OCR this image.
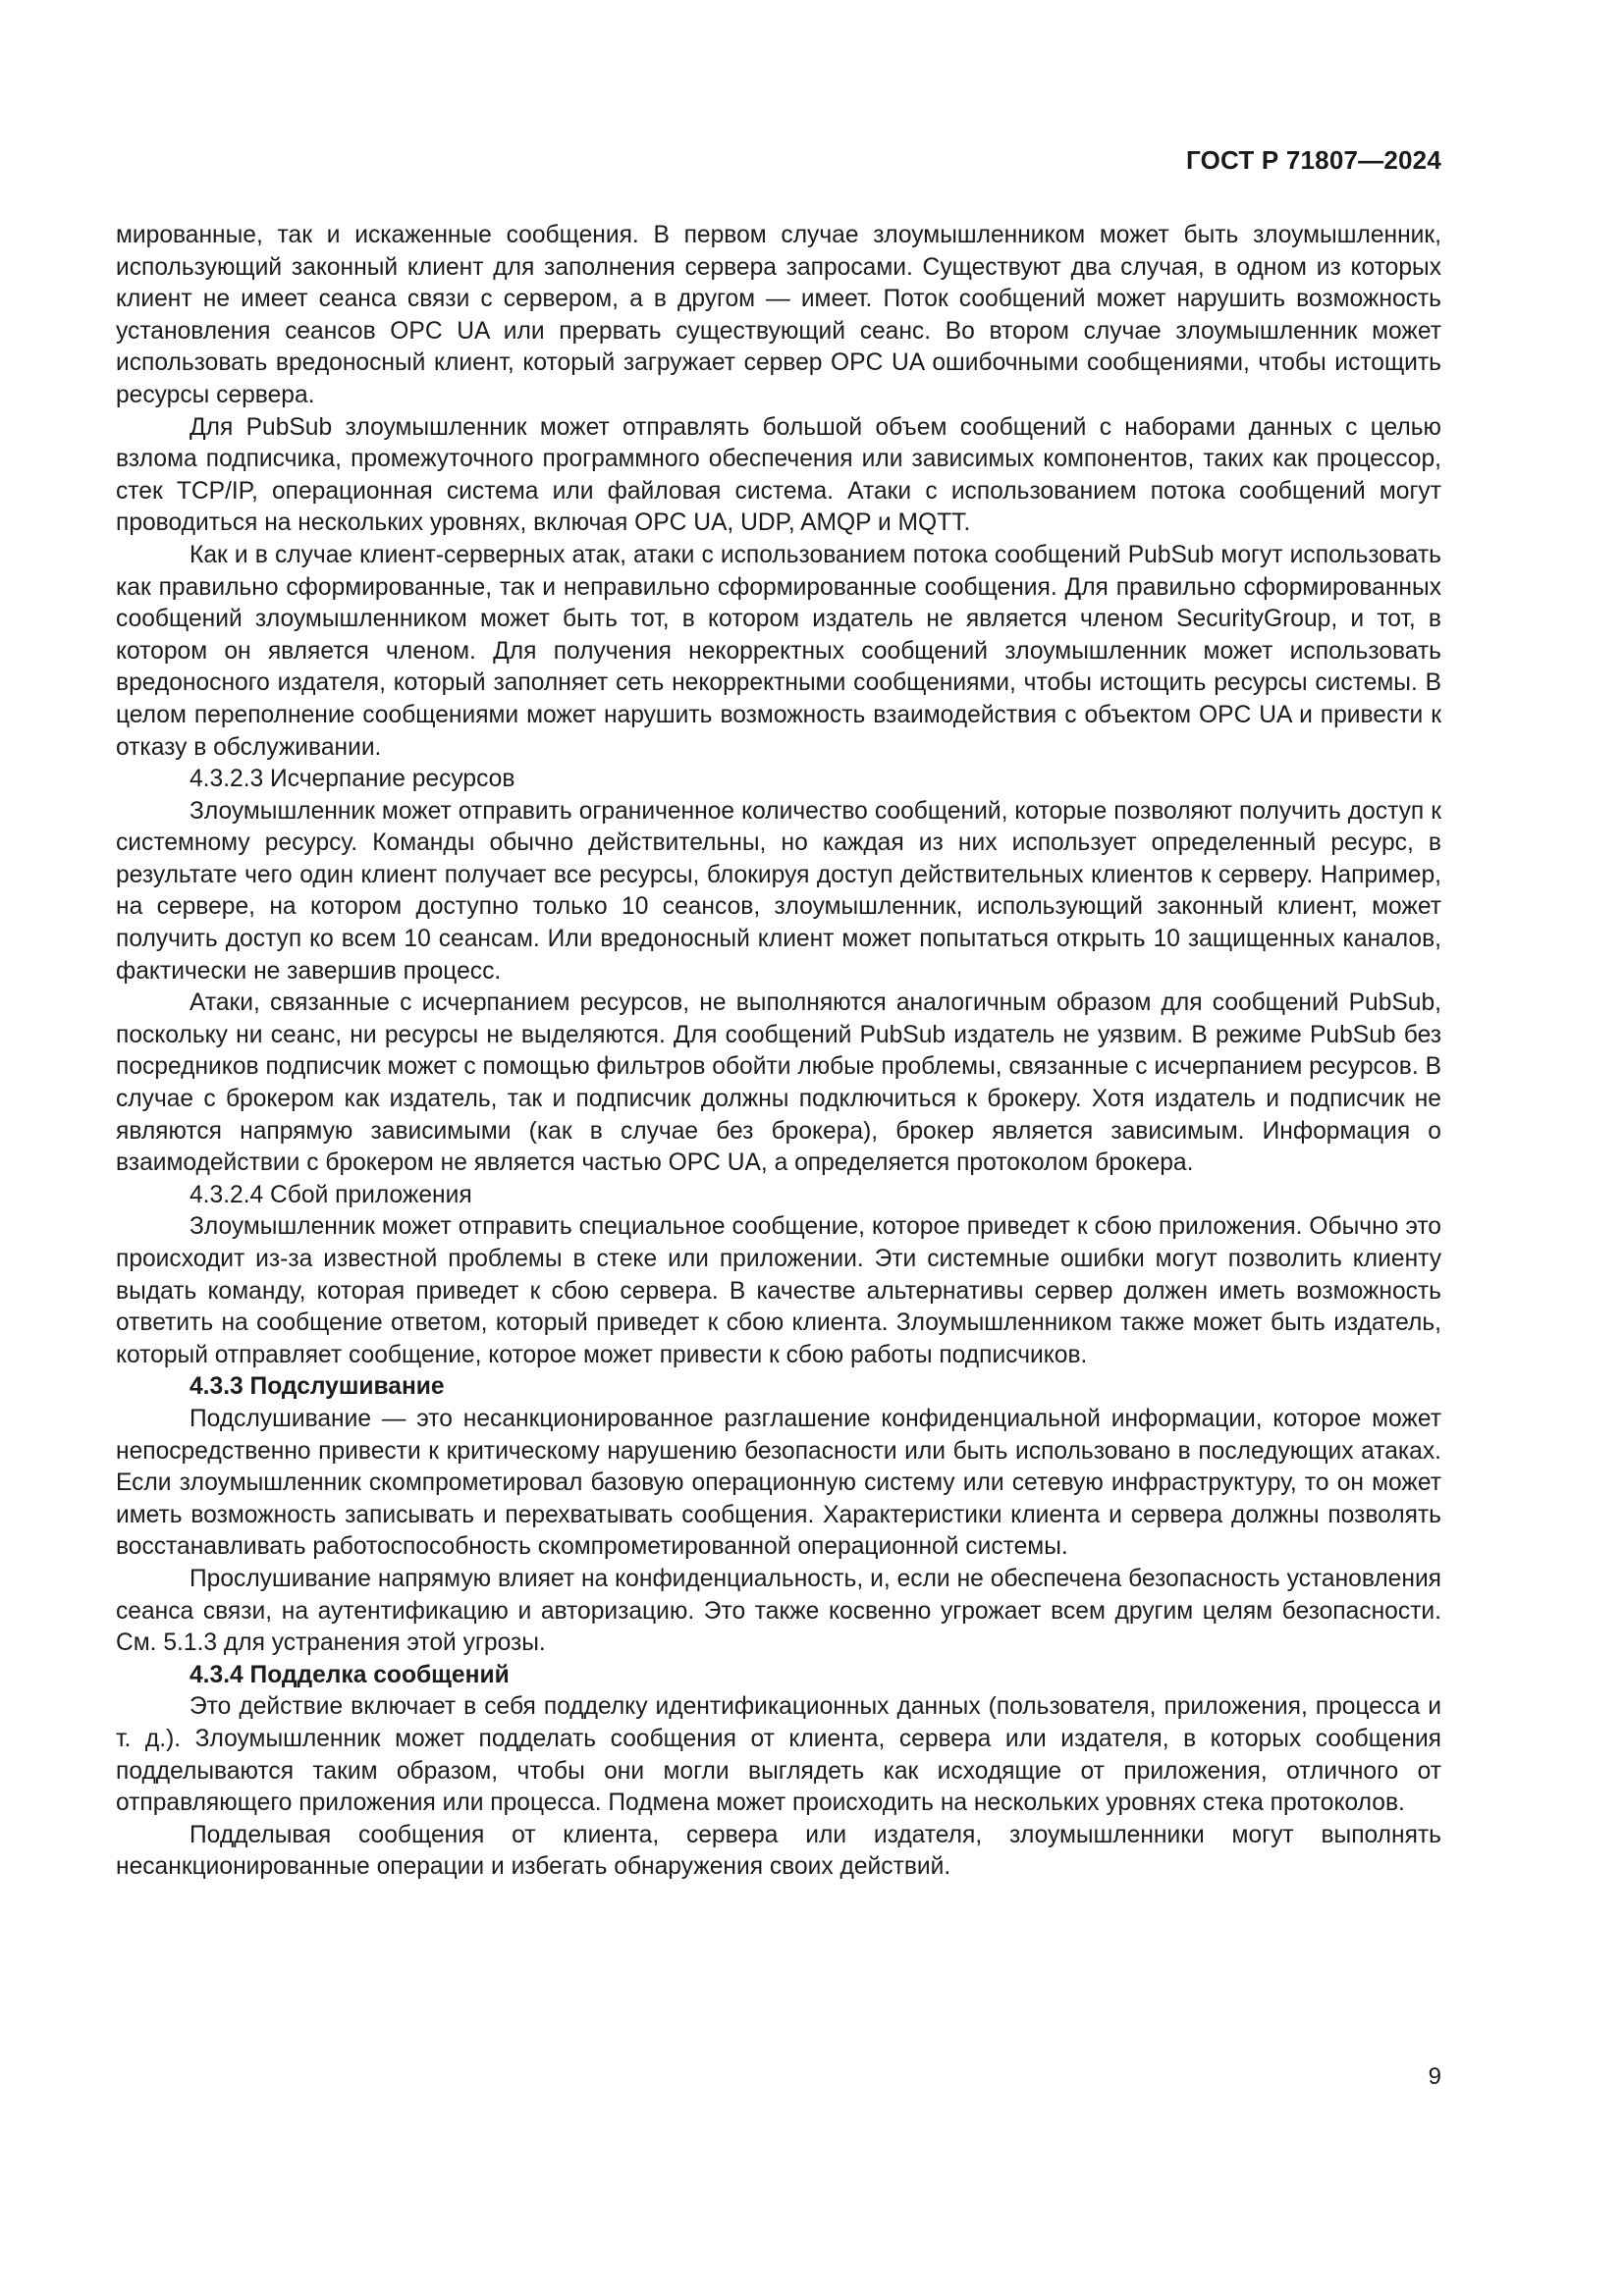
ГОСТ Р 71807—2024

мированные, так и искаженные сообщения. В первом случае злоумышленником может быть злоумышленник, использующий законный клиент для заполнения сервера запросами. Существуют два случая, в одном из которых клиент не имеет сеанса связи с сервером, а в другом — имеет. Поток сообщений может нарушить возможность установления сеансов OPC UA или прервать существующий сеанс. Во втором случае злоумышленник может использовать вредоносный клиент, который загружает сервер OPC UA ошибочными сообщениями, чтобы истощить ресурсы сервера.

Для PubSub злоумышленник может отправлять большой объем сообщений с наборами данных с целью взлома подписчика, промежуточного программного обеспечения или зависимых компонентов, таких как процессор, стек TCP/IP, операционная система или файловая система. Атаки с использованием потока сообщений могут проводиться на нескольких уровнях, включая OPC UA, UDP, AMQP и MQTT.

Как и в случае клиент-серверных атак, атаки с использованием потока сообщений PubSub могут использовать как правильно сформированные, так и неправильно сформированные сообщения. Для правильно сформированных сообщений злоумышленником может быть тот, в котором издатель не является членом SecurityGroup, и тот, в котором он является членом. Для получения некорректных сообщений злоумышленник может использовать вредоносного издателя, который заполняет сеть некорректными сообщениями, чтобы истощить ресурсы системы. В целом переполнение сообщениями может нарушить возможность взаимодействия с объектом OPC UA и привести к отказу в обслуживании.

4.3.2.3 Исчерпание ресурсов

Злоумышленник может отправить ограниченное количество сообщений, которые позволяют получить доступ к системному ресурсу. Команды обычно действительны, но каждая из них использует определенный ресурс, в результате чего один клиент получает все ресурсы, блокируя доступ действительных клиентов к серверу. Например, на сервере, на котором доступно только 10 сеансов, злоумышленник, использующий законный клиент, может получить доступ ко всем 10 сеансам. Или вредоносный клиент может попытаться открыть 10 защищенных каналов, фактически не завершив процесс.

Атаки, связанные с исчерпанием ресурсов, не выполняются аналогичным образом для сообщений PubSub, поскольку ни сеанс, ни ресурсы не выделяются. Для сообщений PubSub издатель не уязвим. В режиме PubSub без посредников подписчик может с помощью фильтров обойти любые проблемы, связанные с исчерпанием ресурсов. В случае с брокером как издатель, так и подписчик должны подключиться к брокеру. Хотя издатель и подписчик не являются напрямую зависимыми (как в случае без брокера), брокер является зависимым. Информация о взаимодействии с брокером не является частью OPC UA, а определяется протоколом брокера.

4.3.2.4 Сбой приложения

Злоумышленник может отправить специальное сообщение, которое приведет к сбою приложения. Обычно это происходит из-за известной проблемы в стеке или приложении. Эти системные ошибки могут позволить клиенту выдать команду, которая приведет к сбою сервера. В качестве альтернативы сервер должен иметь возможность ответить на сообщение ответом, который приведет к сбою клиента. Злоумышленником также может быть издатель, который отправляет сообщение, которое может привести к сбою работы подписчиков.

4.3.3 Подслушивание

Подслушивание — это несанкционированное разглашение конфиденциальной информации, которое может непосредственно привести к критическому нарушению безопасности или быть использовано в последующих атаках. Если злоумышленник скомпрометировал базовую операционную систему или сетевую инфраструктуру, то он может иметь возможность записывать и перехватывать сообщения. Характеристики клиента и сервера должны позволять восстанавливать работоспособность скомпрометированной операционной системы.

Прослушивание напрямую влияет на конфиденциальность, и, если не обеспечена безопасность установления сеанса связи, на аутентификацию и авторизацию. Это также косвенно угрожает всем другим целям безопасности. См. 5.1.3 для устранения этой угрозы.

4.3.4 Подделка сообщений

Это действие включает в себя подделку идентификационных данных (пользователя, приложения, процесса и т. д.). Злоумышленник может подделать сообщения от клиента, сервера или издателя, в которых сообщения подделываются таким образом, чтобы они могли выглядеть как исходящие от приложения, отличного от отправляющего приложения или процесса. Подмена может происходить на нескольких уровнях стека протоколов.

Подделывая сообщения от клиента, сервера или издателя, злоумышленники могут выполнять несанкционированные операции и избегать обнаружения своих действий.

9
